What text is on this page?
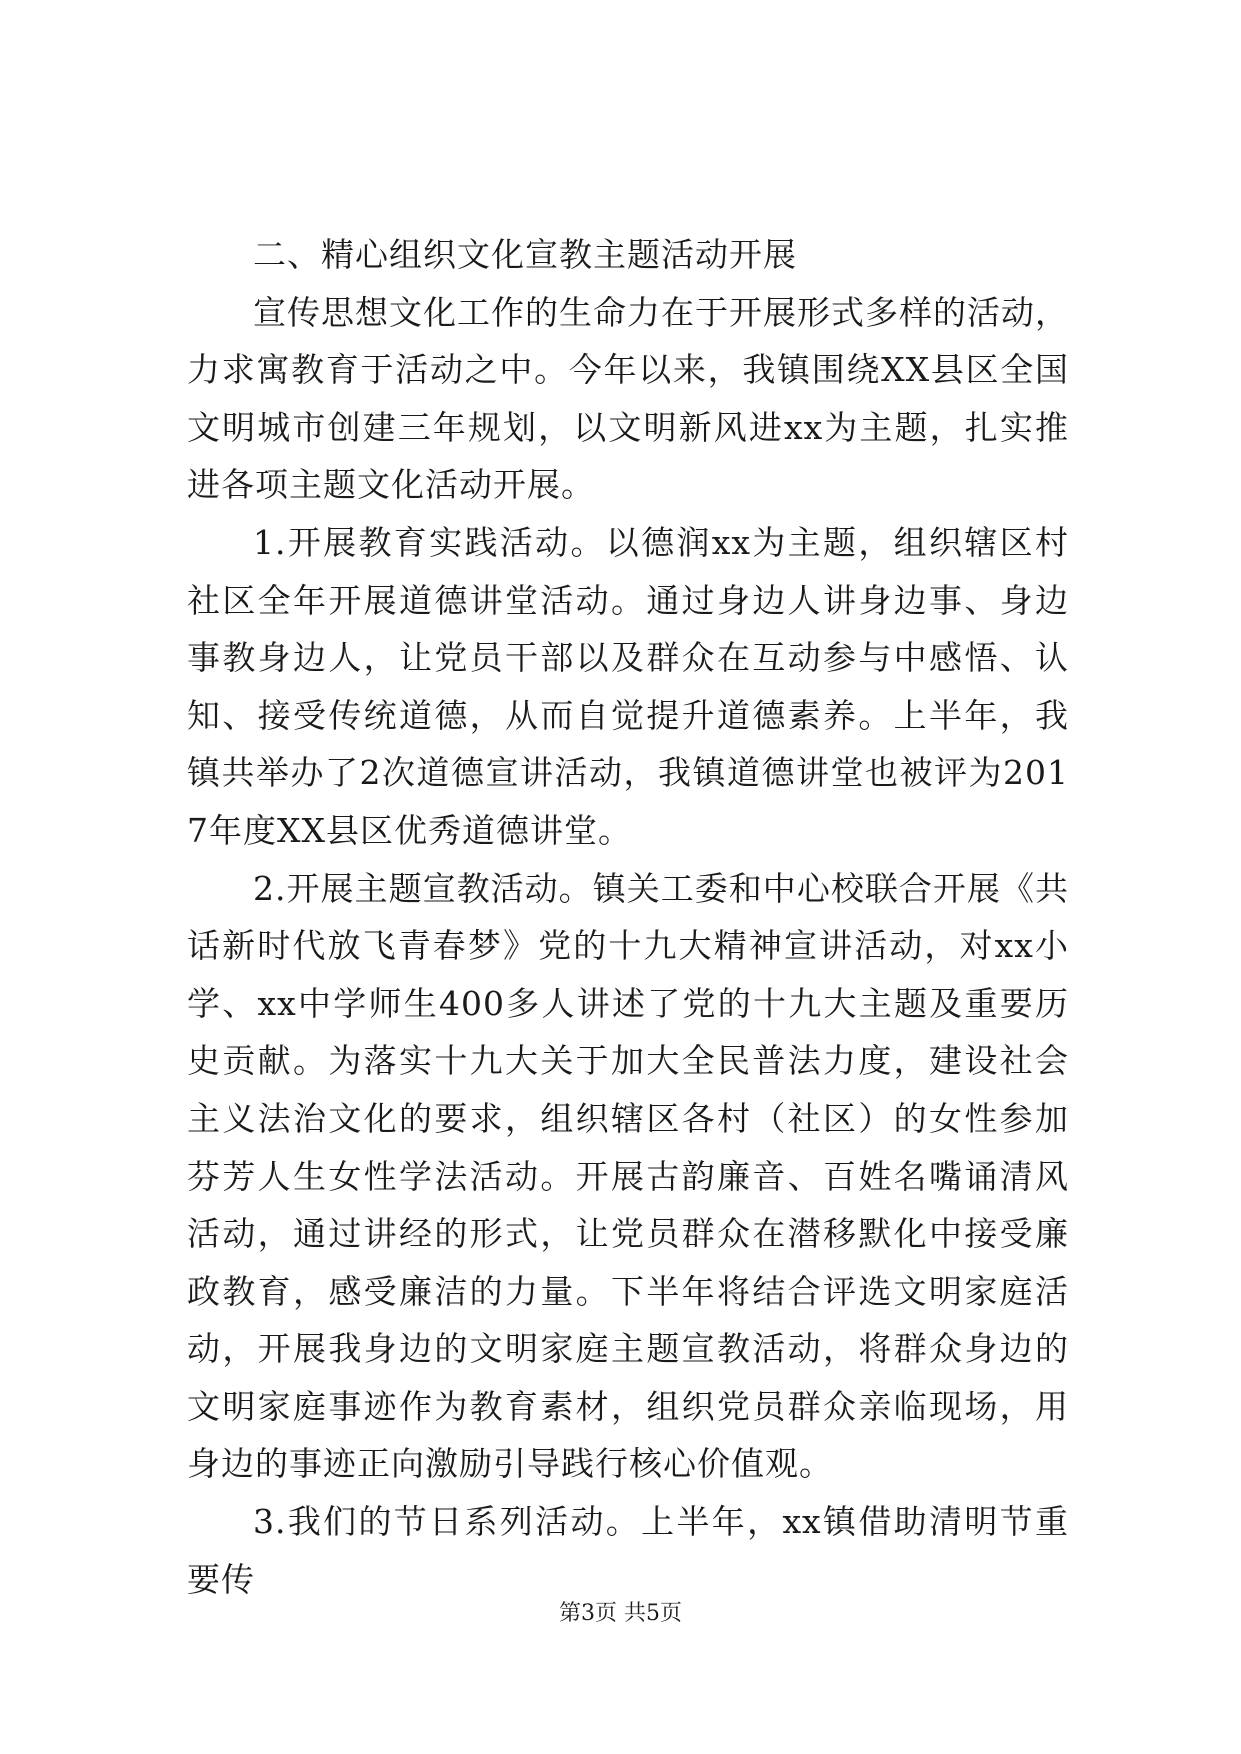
二、精心组织文化宣教主题活动开展

宣传思想文化工作的生命力在于开展形式多样的活动，力求寓教育于活动之中。今年以来，我镇围绕XX县区全国文明城市创建三年规划，以文明新风进xx为主题，扎实推进各项主题文化活动开展。

1.开展教育实践活动。以德润xx为主题，组织辖区村社区全年开展道德讲堂活动。通过身边人讲身边事、身边事教身边人，让党员干部以及群众在互动参与中感悟、认知、接受传统道德，从而自觉提升道德素养。上半年，我镇共举办了2次道德宣讲活动，我镇道德讲堂也被评为2017年度XX县区优秀道德讲堂。

2.开展主题宣教活动。镇关工委和中心校联合开展《共话新时代放飞青春梦》党的十九大精神宣讲活动，对xx小学、xx中学师生400多人讲述了党的十九大主题及重要历史贡献。为落实十九大关于加大全民普法力度，建设社会主义法治文化的要求，组织辖区各村（社区）的女性参加芬芳人生女性学法活动。开展古韵廉音、百姓名嘴诵清风活动，通过讲经的形式，让党员群众在潜移默化中接受廉政教育，感受廉洁的力量。下半年将结合评选文明家庭活动，开展我身边的文明家庭主题宣教活动，将群众身边的文明家庭事迹作为教育素材，组织党员群众亲临现场，用身边的事迹正向激励引导践行核心价值观。

3.我们的节日系列活动。上半年，xx镇借助清明节重要传

第3页 共5页
